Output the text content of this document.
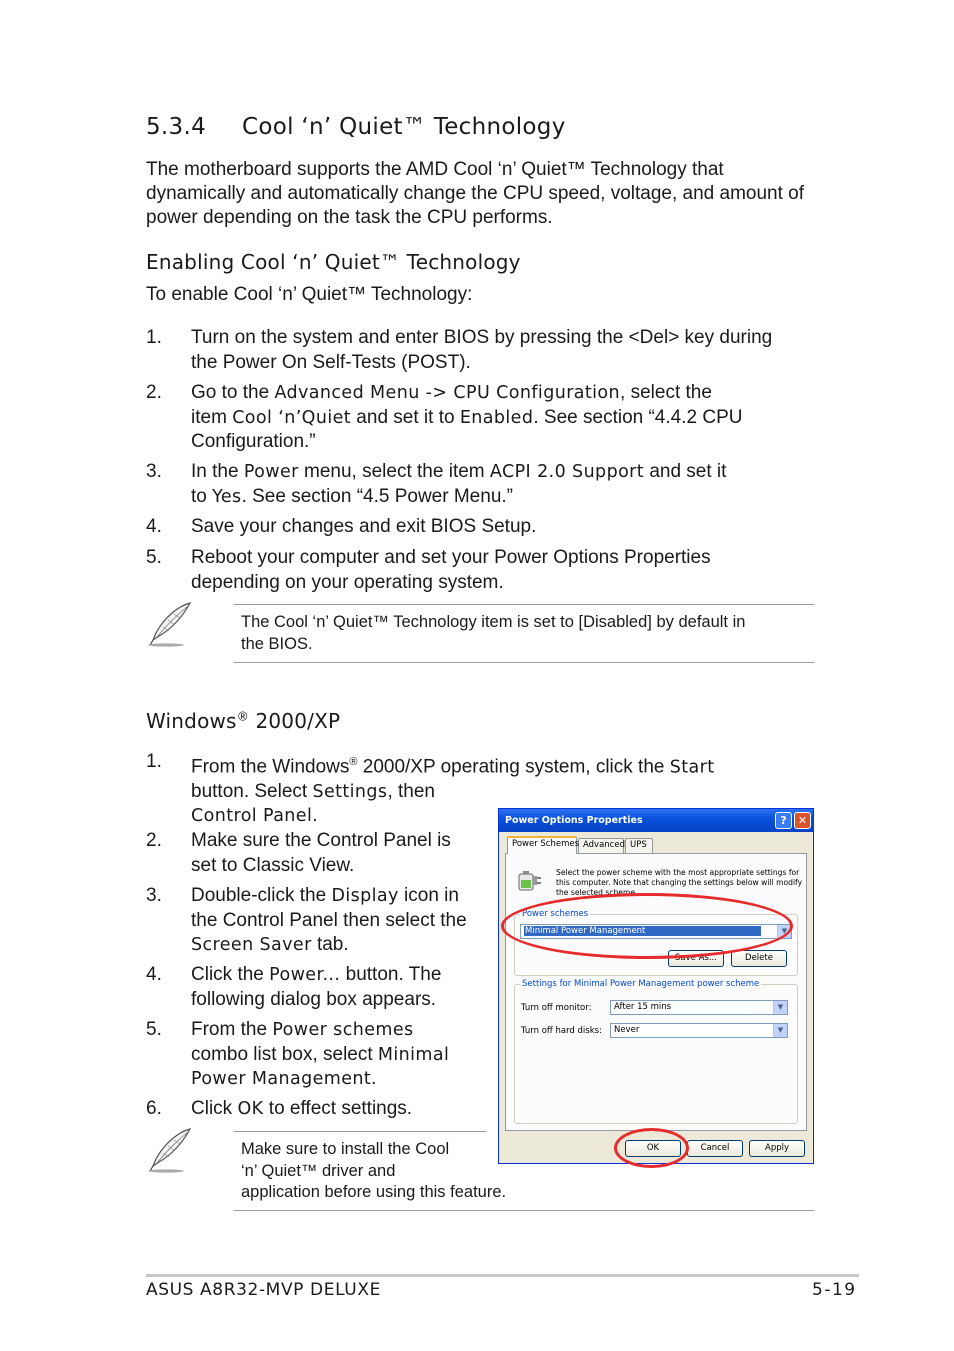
5.3.4 Cool ‘n’ Quiet™ Technology
The motherboard supports the AMD Cool ‘n’ Quiet™ Technology that dynamically and automatically change the CPU speed, voltage, and amount of power depending on the task the CPU performs.
Enabling Cool ‘n’ Quiet™ Technology
To enable Cool ‘n’ Quiet™ Technology:
1. Turn on the system and enter BIOS by pressing the <Del> key during
the Power On Self-Tests (POST).
2. Go to the Advanced Menu -> CPU Configuration, select the
item Cool ‘n’Quiet and set it to Enabled. See section “4.4.2 CPU
Configuration.”
3. In the Power menu, select the item ACPI 2.0 Support and set it
to Yes. See section “4.5 Power Menu.”
4. Save your changes and exit BIOS Setup.
5. Reboot your computer and set your Power Options Properties
depending on your operating system.
The Cool ‘n’ Quiet™ Technology item is set to [Disabled] by default in
the BIOS.
Windows® 2000/XP
1. From the Windows® 2000/XP operating system, click the Start
button. Select Settings, then
Control Panel.
2. Make sure the Control Panel is
set to Classic View.
3. Double-click the Display icon in
the Control Panel then select the
Screen Saver tab.
4. Click the Power... button. The
following dialog box appears.
5. From the Power schemes
combo list box, select Minimal
Power Management.
6. Click OK to effect settings.
Make sure to install the Cool
‘n’ Quiet™ driver and
application before using this feature.
Power Options Properties	?	✕
Power Schemes Advanced UPS
Select the power scheme with the most appropriate settings for
this computer. Note that changing the settings below will modify
the selected scheme.
Power schemes
Minimal Power Management	▼
Save As...	Delete
Settings for Minimal Power Management power scheme
Turn off monitor:	After 15 mins	▼
Turn off hard disks:	Never	▼
OK	Cancel	Apply
ASUS A8R32-MVP DELUXE	5-19
